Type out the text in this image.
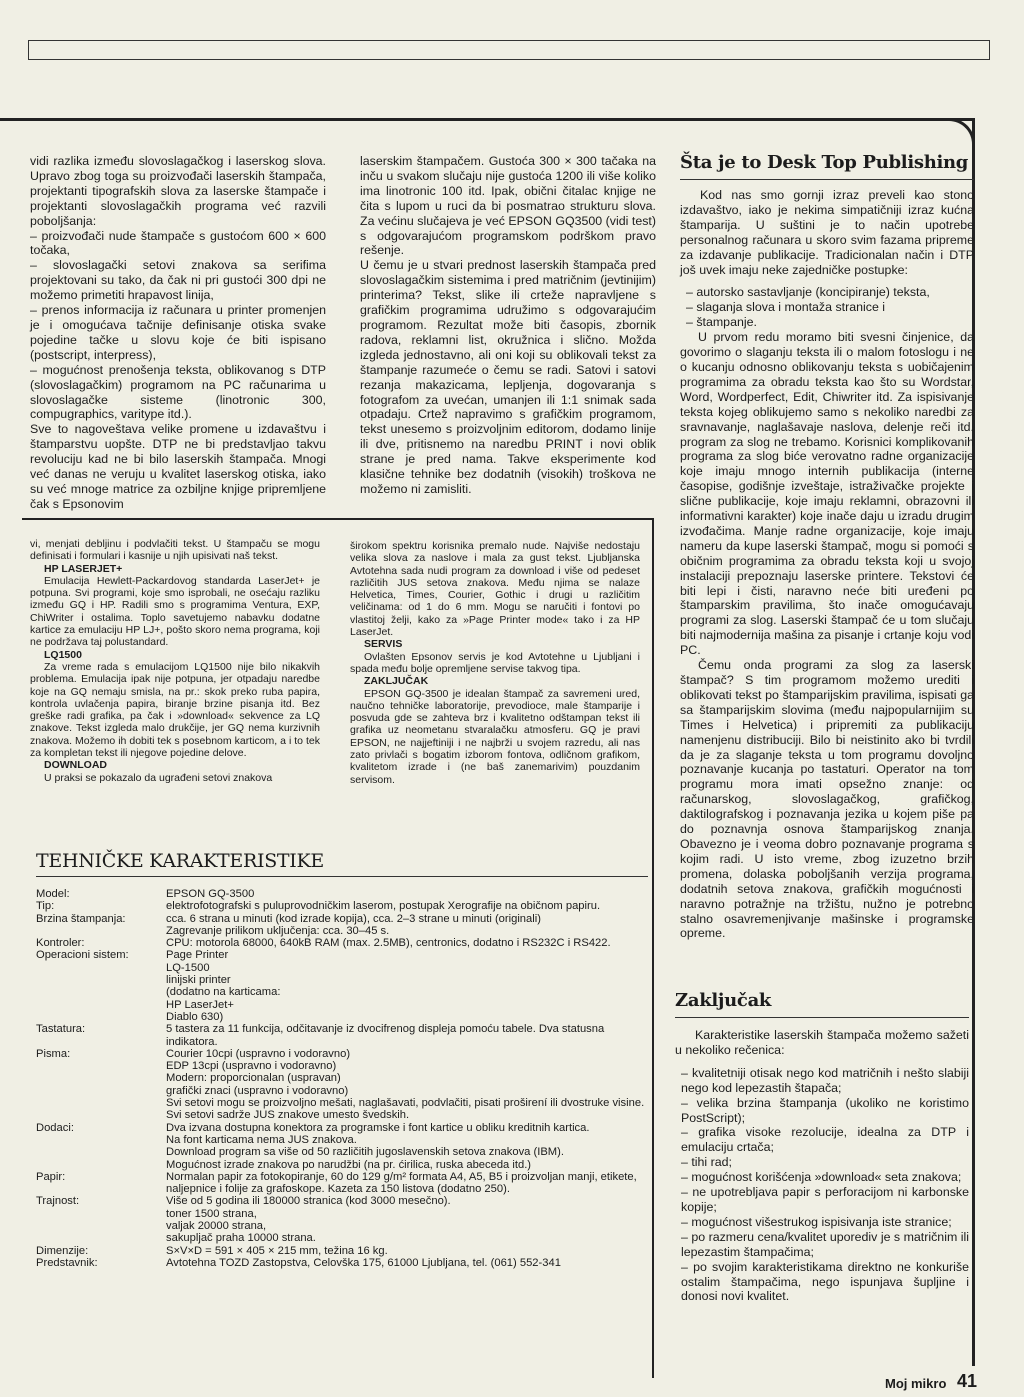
vidi razlika između slovoslagačkog i laserskog slova. Upravo zbog toga su proizvođači laserskih štampača, projektanti tipografskih slova za laserske štampače i projektanti slovoslagačkih programa već razvili poboljšanja:

– proizvođači nude štampače s gustoćom 600 × 600 točaka,

– slovoslagački setovi znakova sa serifima projektovani su tako, da čak ni pri gustoći 300 dpi ne možemo primetiti hrapavost linija,

– prenos informacija iz računara u printer promenjen je i omogućava tačnije definisanje otiska svake pojedine tačke u slovu koje će biti ispisano (postscript, interpress),

– mogućnost prenošenja teksta, oblikovanog s DTP (slovoslagačkim) programom na PC računarima u slovoslagačke sisteme (linotronic 300, compugraphics, varitype itd.).

Sve to nagoveštava velike promene u izdavaštvu i štamparstvu uopšte. DTP ne bi predstavljao takvu revoluciju kad ne bi bilo laserskih štampača. Mnogi već danas ne veruju u kvalitet laserskog otiska, iako su već mnoge matrice za ozbiljne knjige pripremljene čak s Epsonovim

laserskim štampačem. Gustoća 300 × 300 tačaka na inču u svakom slučaju nije gustoća 1200 ili više koliko ima linotronic 100 itd. Ipak, obični čitalac knjige ne čita s lupom u ruci da bi posmatrao strukturu slova. Za većinu slučajeva je već EPSON GQ3500 (vidi test) s odgovarajućom programskom podrškom pravo rešenje.

U čemu je u stvari prednost laserskih štampača pred slovoslagačkim sistemima i pred matričnim (jevtinijim) printerima? Tekst, slike ili crteže napravljene s grafičkim programima udružimo s odgovarajućim programom. Rezultat može biti časopis, zbornik radova, reklamni list, okružnica i slično. Možda izgleda jednostavno, ali oni koji su oblikovali tekst za štampanje razumeće o čemu se radi. Satovi i satovi rezanja makazicama, lepljenja, dogovaranja s fotografom za uvećan, umanjen ili 1:1 snimak sada otpadaju. Crtež napravimo s grafičkim programom, tekst unesemo s proizvoljnim editorom, dodamo linije ili dve, pritisnemo na naredbu PRINT i novi oblik strane je pred nama. Takve eksperimente kod klasične tehnike bez dodatnih (visokih) troškova ne možemo ni zamisliti.

Šta je to Desk Top Publishing

Kod nas smo gornji izraz preveli kao stono izdavaštvo, iako je nekima simpatičniji izraz kućna štamparija. U suštini je to način upotrebe personalnog računara u skoro svim fazama pripreme za izdavanje publikacije. Tradicionalan način i DTP još uvek imaju neke zajedničke postupke:

– autorsko sastavljanje (koncipiranje) teksta,

– slaganja slova i montaža stranice i

– štampanje.

U prvom redu moramo biti svesni činjenice, da govorimo o slaganju teksta ili o malom fotoslogu i ne o kucanju odnosno oblikovanju teksta s uobičajenim programima za obradu teksta kao što su Wordstar, Word, Wordperfect, Edit, Chiwriter itd. Za ispisivanje teksta kojeg oblikujemo samo s nekoliko naredbi za sravnavanje, naglašavaje naslova, delenje reči itd. program za slog ne trebamo. Korisnici komplikovanih programa za slog biće verovatno radne organizacije koje imaju mnogo internih publikacija (interne časopise, godišnje izveštaje, istraživačke projekte i slične publikacije, koje imaju reklamni, obrazovni ili informativni karakter) koje inače daju u izradu drugim izvođačima. Manje radne organizacije, koje imaju nameru da kupe laserski štampač, mogu si pomoći s običnim programima za obradu teksta koji u svojoj instalaciji prepoznaju laserske printere. Tekstovi će biti lepi i čisti, naravno neće biti uređeni po štamparskim pravilima, što inače omogućavaju programi za slog. Laserski štampač će u tom slučaju biti najmodernija mašina za pisanje i crtanje koju vodi PC.

Čemu onda programi za slog za laserski štampač? S tim programom možemo urediti i oblikovati tekst po štamparijskim pravilima, ispisati ga sa štamparijskim slovima (među najpopularnijim su Times i Helvetica) i pripremiti za publikaciju namenjenu distribuciji. Bilo bi neistinito ako bi tvrdili da je za slaganje teksta u tom programu dovoljno poznavanje kucanja po tastaturi. Operator na tom programu mora imati opsežno znanje: od računarskog, slovoslagačkog, grafičkog, daktilografskog i poznavanja jezika u kojem piše pa do poznavnja osnova štamparijskog znanja. Obavezno je i veoma dobro poznavanje programa s kojim radi. U isto vreme, zbog izuzetno brzih promena, dolaska poboljšanih verzija programa, dodatnih setova znakova, grafičkih mogućnosti i naravno potražnje na tržištu, nužno je potrebno stalno osavremenjivanje mašinske i programske opreme.

Zaključak

Karakteristike laserskih štampača možemo sažeti u nekoliko rečenica:

– kvalitetniji otisak nego kod matričnih i nešto slabiji nego kod lepezastih štapača;

– velika brzina štampanja (ukoliko ne koristimo PostScript);

– grafika visoke rezolucije, idealna za DTP i emulaciju crtača;

– tihi rad;

– mogućnost korišćenja »download« seta znakova;

– ne upotrebljava papir s perforacijom ni karbonske kopije;

– mogućnost višestrukog ispisivanja iste stranice;

– po razmeru cena/kvalitet uporediv je s matričnim ili lepezastim štampačima;

– po svojim karakteristikama direktno ne konkuriše ostalim štampačima, nego ispunjava šupljine i donosi novi kvalitet.

vi, menjati debljinu i podvlačiti tekst. U štampaču se mogu definisati i formulari i kasnije u njih upisivati naš tekst.

HP LASERJET+

Emulacija Hewlett-Packardovog standarda LaserJet+ je potpuna. Svi programi, koje smo isprobali, ne osećaju razliku između GQ i HP. Radili smo s programima Ventura, EXP, ChiWriter i ostalima. Toplo savetujemo nabavku dodatne kartice za emulaciju HP LJ+, pošto skoro nema programa, koji ne podržava taj polustandard.

LQ1500

Za vreme rada s emulacijom LQ1500 nije bilo nikakvih problema. Emulacija ipak nije potpuna, jer otpadaju naredbe koje na GQ nemaju smisla, na pr.: skok preko ruba papira, kontrola uvlačenja papira, biranje brzine pisanja itd. Bez greške radi grafika, pa čak i »download« sekvence za LQ znakove. Tekst izgleda malo drukčije, jer GQ nema kurzivnih znakova. Možemo ih dobiti tek s posebnom karticom, a i to tek za kompletan tekst ili njegove pojedine delove.

DOWNLOAD

U praksi se pokazalo da ugrađeni setovi znakova

širokom spektru korisnika premalo nude. Najviše nedostaju velika slova za naslove i mala za gust tekst. Ljubljanska Avtotehna sada nudi program za download i više od pedeset različitih JUS setova znakova. Među njima se nalaze Helvetica, Times, Courier, Gothic i drugi u različitim veličinama: od 1 do 6 mm. Mogu se naručiti i fontovi po vlastitoj želji, kako za »Page Printer mode« tako i za HP LaserJet.

SERVIS

Ovlašten Epsonov servis je kod Avtotehne u Ljubljani i spada među bolje opremljene servise takvog tipa.

ZAKLJUČAK

EPSON GQ-3500 je idealan štampač za savremeni ured, naučno tehničke laboratorije, prevodioce, male štamparije i posvuda gde se zahteva brz i kvalitetno odštampan tekst ili grafika uz neometanu stvaralačku atmosferu. GQ je pravi EPSON, ne najjeftiniji i ne najbrži u svojem razredu, ali nas zato privlači s bogatim izborom fontova, odličnom grafikom, kvalitetom izrade i (ne baš zanemarivim) pouzdanim servisom.

TEHNIČKE KARAKTERISTIKE
Model:	EPSON GQ-3500

Tip:	elektrofotografski s puluprovodničkim laserom, postupak Xerografije na običnom papiru.

Brzina štampanja:	cca. 6 strana u minuti (kod izrade kopija), cca. 2–3 strane u minuti (originali)

Zagrevanje prilikom uključenja: cca. 30–45 s.

Kontroler:	CPU: motorola 68000, 640kB RAM (max. 2.5MB), centronics, dodatno i RS232C i RS422.

Operacioni sistem:	Page Printer

LQ-1500

linijski printer

(dodatno na karticama:

HP LaserJet+

Diablo 630)

Tastatura:	5 tastera za 11 funkcija, odčitavanje iz dvocifrenog displeja pomoću tabele. Dva statusna indikatora.

Pisma:	Courier 10cpi (uspravno i vodoravno)

EDP 13cpi (uspravno i vodoravno)

Modern: proporcionalan (uspravan)

grafički znaci (uspravno i vodoravno)

Svi setovi mogu se proizvoljno mešati, naglašavati, podvlačiti, pisati proširení ili dvostruke visine.

Svi setovi sadrže JUS znakove umesto švedskih.

Dodaci:	Dva izvana dostupna konektora za programske i font kartice u obliku kreditnih kartica.

Na font karticama nema JUS znakova.

Download program sa više od 50 različitih jugoslavenskih setova znakova (IBM).

Mogućnost izrade znakova po narudžbi (na pr. ćirilica, ruska abeceda itd.)

Papir:	Normalan papir za fotokopiranje, 60 do 129 g/m² formata A4, A5, B5 i proizvoljan manji, etikete, naljepnice i folije za grafoskope. Kazeta za 150 listova (dodatno 250).

Trajnost:	Više od 5 godina ili 180000 stranica (kod 3000 mesečno).

toner 1500 strana,

valjak 20000 strana,

sakupljač praha 10000 strana.

Dimenzije:	S×V×D = 591 × 405 × 215 mm, težina 16 kg.

Predstavnik:	Avtotehna TOZD Zastopstva, Celovška 175, 61000 Ljubljana, tel. (061) 552-341

Moj mikro 41
